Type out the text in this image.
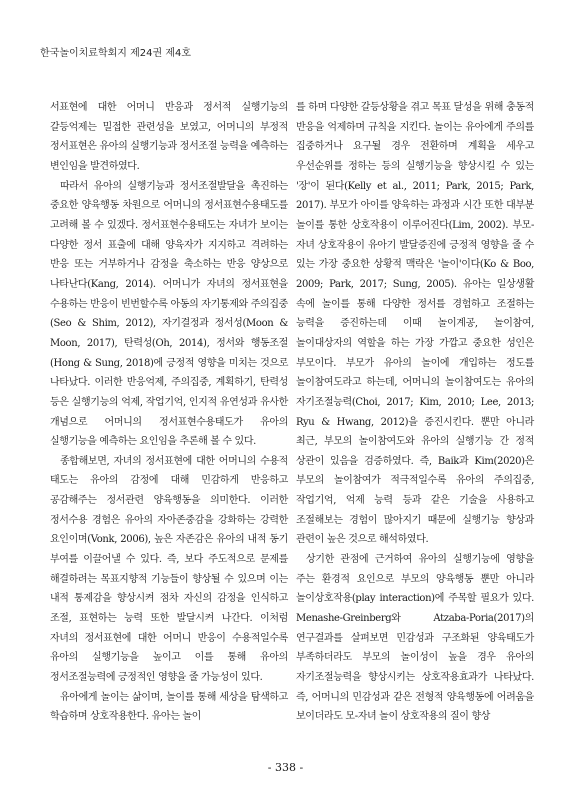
한국놀이치료학회지 제24권 제4호

서표현에 대한 어머니 반응과 정서적 실행기능의 갈등억제는 밀접한 관련성을 보였고, 어머니의 부정적 정서표현은 유아의 실행기능과 정서조절 능력을 예측하는 변인임을 발견하였다.

따라서 유아의 실행기능과 정서조절발달을 촉진하는 중요한 양육행동 차원으로 어머니의 정서표현수용태도를 고려해 볼 수 있겠다. 정서표현수용태도는 자녀가 보이는 다양한 정서 표출에 대해 양육자가 지지하고 격려하는 반응 또는 거부하거나 감정을 축소하는 반응 양상으로 나타난다(Kang, 2014). 어머니가 자녀의 정서표현을 수용하는 반응이 빈번할수록 아동의 자기통제와 주의집중(Seo & Shim, 2012), 자기결정과 정서성(Moon & Moon, 2017), 탄력성(Oh, 2014), 정서와 행동조절(Hong & Sung, 2018)에 긍정적 영향을 미치는 것으로 나타났다. 이러한 반응억제, 주의집중, 계획하기, 탄력성 등은 실행기능의 억제, 작업기억, 인지적 유연성과 유사한 개념으로 어머니의 정서표현수용태도가 유아의 실행기능을 예측하는 요인임을 추론해 볼 수 있다.

종합해보면, 자녀의 정서표현에 대한 어머니의 수용적 태도는 유아의 감정에 대해 민감하게 반응하고 공감해주는 정서관련 양육행동을 의미한다. 이러한 정서수용 경험은 유아의 자아존중감을 강화하는 강력한 요인이며(Vonk, 2006), 높은 자존감은 유아의 내적 동기 부여를 이끌어낼 수 있다. 즉, 보다 주도적으로 문제를 해결하려는 목표지향적 기능들이 향상될 수 있으며 이는 내적 통제감을 향상시켜 점차 자신의 감정을 인식하고 조절, 표현하는 능력 또한 발달시켜 나간다. 이처럼 자녀의 정서표현에 대한 어머니 반응이 수용적일수록 유아의 실행기능을 높이고 이를 통해 유아의 정서조절능력에 긍정적인 영향을 줄 가능성이 있다.

유아에게 놀이는 삶이며, 놀이를 통해 세상을 탐색하고 학습하며 상호작용한다. 유아는 놀이

를 하며 다양한 갈등상황을 겪고 목표 달성을 위해 충동적 반응을 억제하며 규칙을 지킨다. 놀이는 유아에게 주의를 집중하거나 요구될 경우 전환하며 계획을 세우고 우선순위를 정하는 등의 실행기능을 향상시킬 수 있는 '장'이 된다(Kelly et al., 2011; Park, 2015; Park, 2017). 부모가 아이를 양육하는 과정과 시간 또한 대부분 놀이를 통한 상호작용이 이루어진다(Lim, 2002). 부모-자녀 상호작용이 유아기 발달증진에 긍정적 영향을 줄 수 있는 가장 중요한 상황적 맥락은 '놀이'이다(Ko & Boo, 2009; Park, 2017; Sung, 2005). 유아는 일상생활 속에 놀이를 통해 다양한 정서를 경험하고 조절하는 능력을 증진하는데 이때 놀이계공, 놀이참여, 놀이대상자의 역할을 하는 가장 가깝고 중요한 성인은 부모이다. 부모가 유아의 놀이에 개입하는 정도를 놀이참여도라고 하는데, 어머니의 놀이참여도는 유아의 자기조절능력(Choi, 2017; Kim, 2010; Lee, 2013; Ryu & Hwang, 2012)을 증진시킨다. 뿐만 아니라 최근, 부모의 놀이참여도와 유아의 실행기능 간 정적 상관이 있음을 검증하였다. 즉, Baik과 Kim(2020)은 부모의 놀이참여가 적극적일수록 유아의 주의집중, 작업기억, 억제 능력 등과 같은 기술을 사용하고 조절해보는 경험이 많아지기 때문에 실행기능 향상과 관련이 높은 것으로 해석하였다.

상기한 관점에 근거하여 유아의 실행기능에 영향을 주는 환경적 요인으로 부모의 양육행동 뿐만 아니라 놀이상호작용(play interaction)에 주목할 필요가 있다. Menashe-Greinberg와 Atzaba-Poria(2017)의 연구결과를 살펴보면 민감성과 구조화된 양육태도가 부족하더라도 부모의 놀이성이 높을 경우 유아의 자기조절능력을 향상시키는 상호작용효과가 나타났다. 즉, 어머니의 민감성과 같은 전형적 양육행동에 어려움을 보이더라도 모-자녀 놀이 상호작용의 질이 향상

- 338 -
